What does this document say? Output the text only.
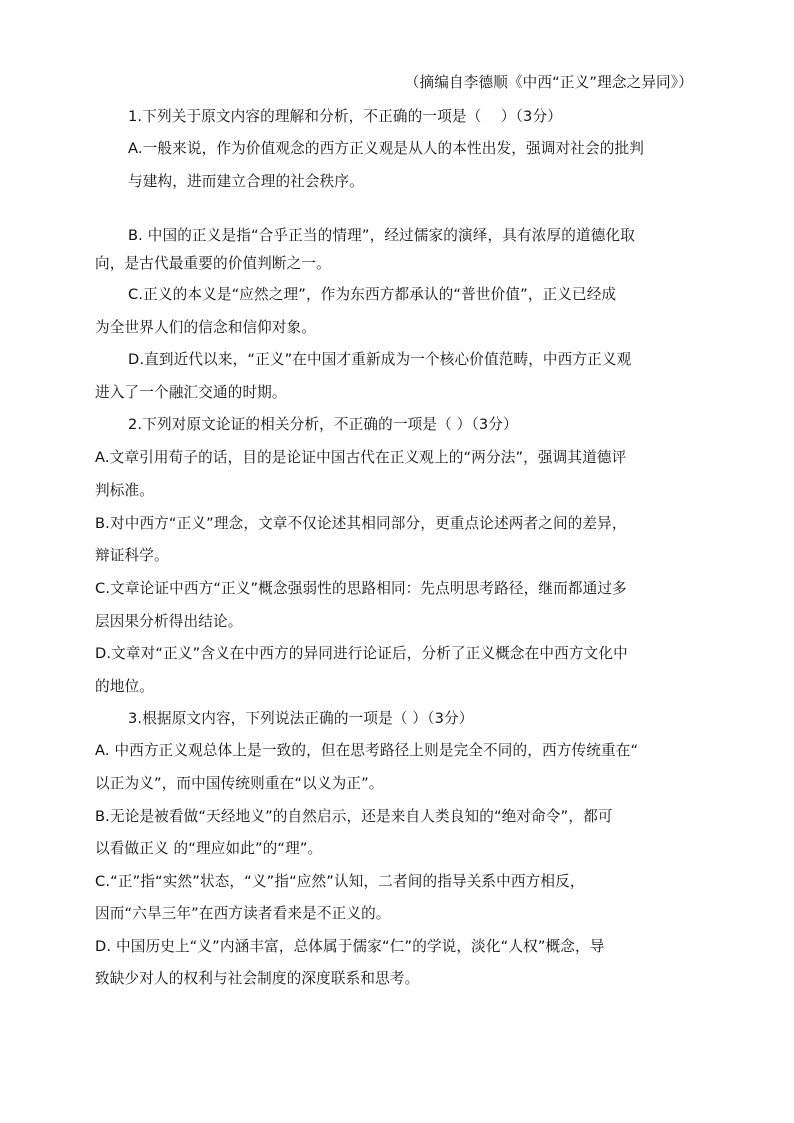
（摘编自李德顺《中西“正义”理念之异同》）
1.下列关于原文内容的理解和分析，不正确的一项是（　 ）（3分）
A.一般来说，作为价值观念的西方正义观是从人的本性出发，强调对社会的批判
与建构，进而建立合理的社会秩序。
B. 中国的正义是指“合乎正当的情理”，经过儒家的演绎，具有浓厚的道德化取
向，是古代最重要的价值判断之一。
C.正义的本义是“应然之理”，作为东西方都承认的“普世价值”，正义已经成
为全世界人们的信念和信仰对象。
D.直到近代以来，“正义”在中国才重新成为一个核心价值范畴，中西方正义观
进入了一个融汇交通的时期。
2.下列对原文论证的相关分析，不正确的一项是（ ）（3分）
A.文章引用荀子的话，目的是论证中国古代在正义观上的“两分法”，强调其道德评
判标准。
B.对中西方“正义”理念，文章不仅论述其相同部分，更重点论述两者之间的差异，
辩证科学。
C.文章论证中西方“正义”概念强弱性的思路相同：先点明思考路径，继而都通过多
层因果分析得出结论。
D.文章对“正义”含义在中西方的异同进行论证后，分析了正义概念在中西方文化中
的地位。
3.根据原文内容，下列说法正确的一项是（ ）（3分）
A. 中西方正义观总体上是一致的，但在思考路径上则是完全不同的，西方传统重在“
以正为义”，而中国传统则重在“以义为正”。
B.无论是被看做“天经地义”的自然启示，还是来自人类良知的“绝对命令”，都可
以看做正义 的“理应如此”的“理”。
C.“正”指“实然”状态，“义”指“应然”认知，二者间的指导关系中西方相反，
因而“六旱三年”在西方读者看来是不正义的。
D. 中国历史上“义”内涵丰富，总体属于儒家“仁”的学说，淡化“人权”概念，导
致缺少对人的权利与社会制度的深度联系和思考。
